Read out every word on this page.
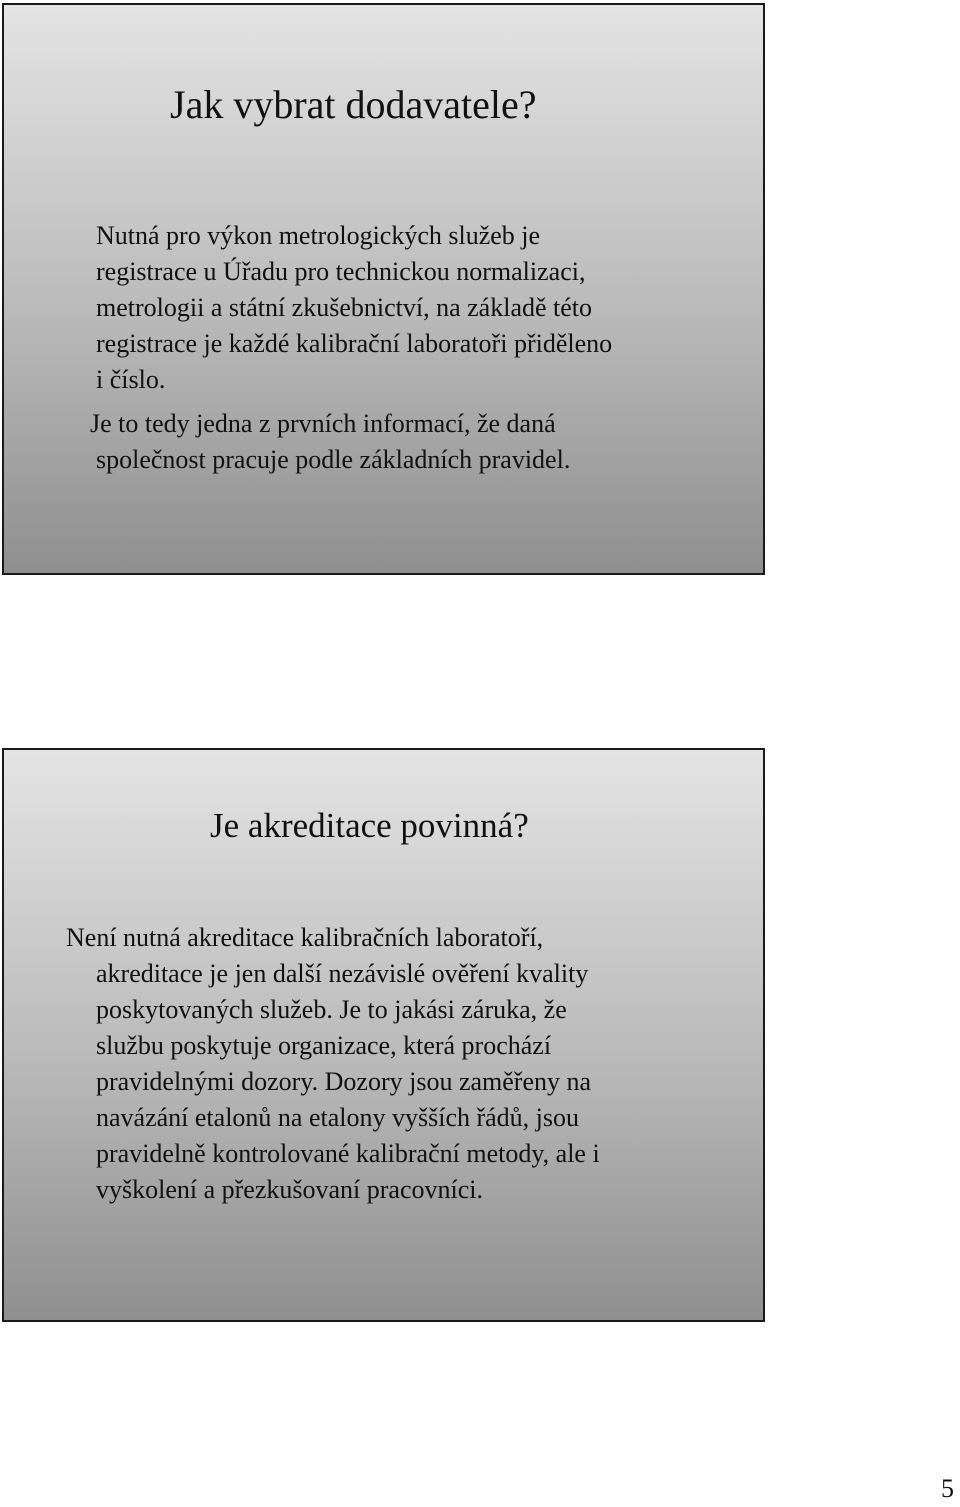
Jak vybrat dodavatele?

Nutná pro výkon metrologických služeb je
registrace u Úřadu pro technickou normalizaci,
metrologii a státní zkušebnictví, na základě této
registrace je každé kalibrační laboratoři přiděleno
i číslo.

Je to tedy jedna z prvních informací, že daná
společnost pracuje podle základních pravidel.

Je akreditace povinná?

Není nutná akreditace kalibračních laboratoří,
akreditace je jen další nezávislé ověření kvality
poskytovaných služeb. Je to jakási záruka, že
službu poskytuje organizace, která prochází
pravidelnými dozory. Dozory jsou zaměřeny na
navázání etalonů na etalony vyšších řádů, jsou
pravidelně kontrolované kalibrační metody, ale i
vyškolení a přezkušovaní pracovníci.

5
